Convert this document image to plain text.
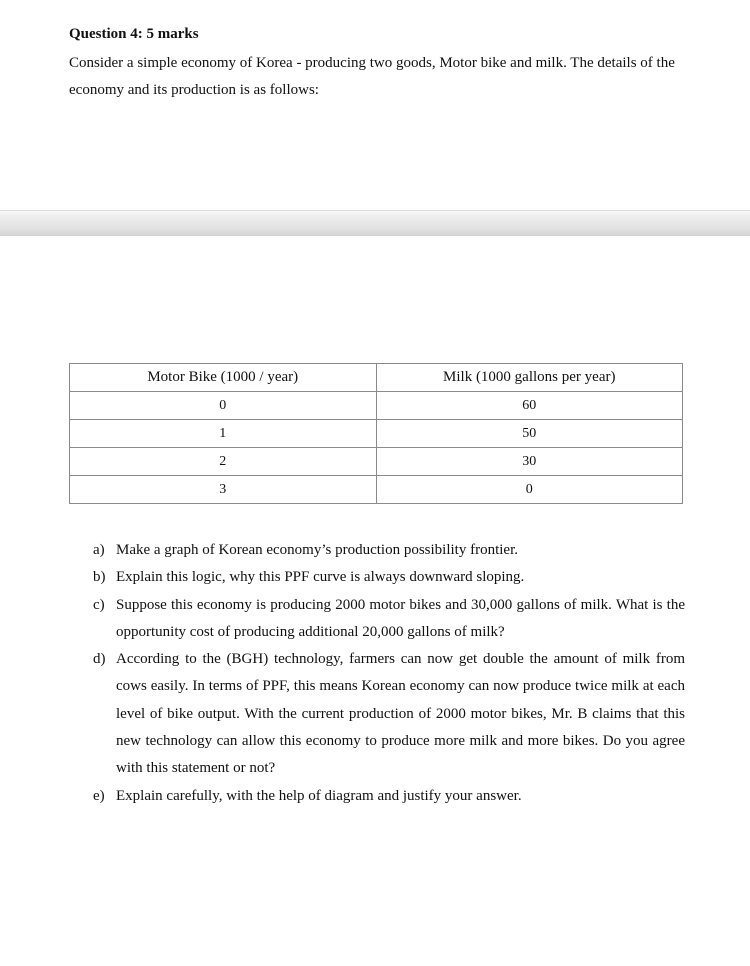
Question 4: 5 marks
Consider a simple economy of Korea - producing two goods, Motor bike and milk. The details of the economy and its production is as follows:
Motor Bike (1000 / year)	Milk (1000 gallons per year)
0	60
1	50
2	30
3	0
a) Make a graph of Korean economy’s production possibility frontier.
b) Explain this logic, why this PPF curve is always downward sloping.
c) Suppose this economy is producing 2000 motor bikes and 30,000 gallons of milk. What is the opportunity cost of producing additional 20,000 gallons of milk?
d) According to the (BGH) technology, farmers can now get double the amount of milk from cows easily. In terms of PPF, this means Korean economy can now produce twice milk at each level of bike output. With the current production of 2000 motor bikes, Mr. B claims that this new technology can allow this economy to produce more milk and more bikes. Do you agree with this statement or not?
e) Explain carefully, with the help of diagram and justify your answer.
